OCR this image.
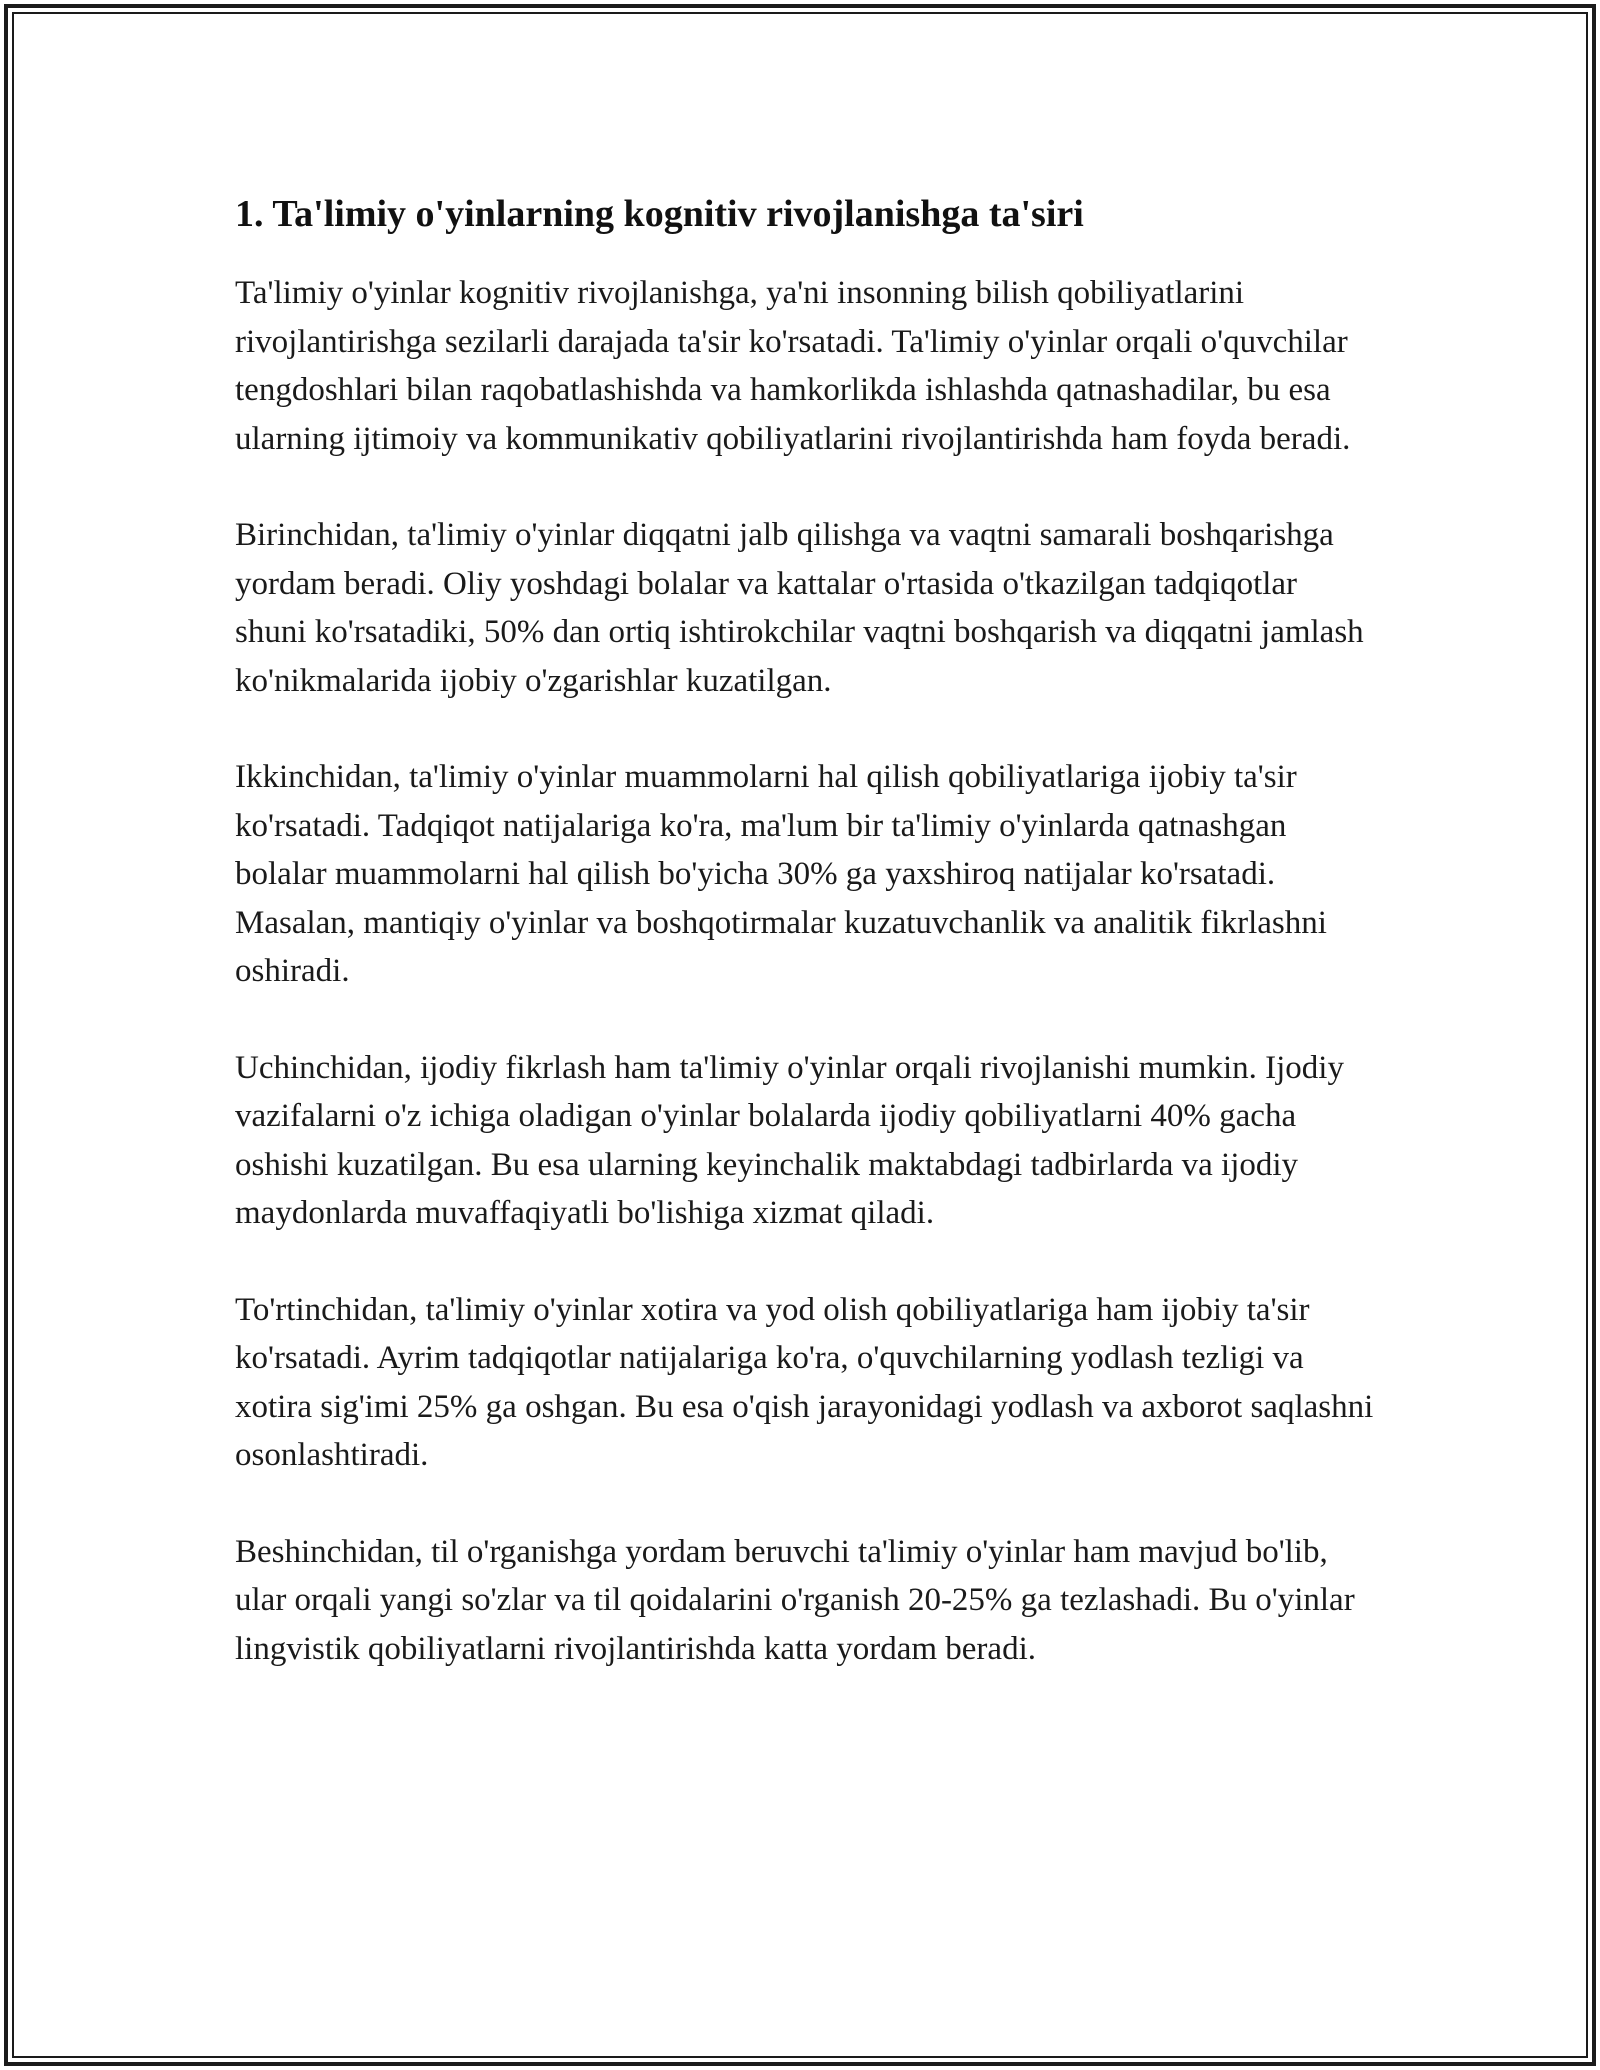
1. Ta'limiy o'yinlarning kognitiv rivojlanishga ta'siri

Ta'limiy o'yinlar kognitiv rivojlanishga, ya'ni insonning bilish qobiliyatlarini rivojlantirishga sezilarli darajada ta'sir ko'rsatadi. Ta'limiy o'yinlar orqali o'quvchilar tengdoshlari bilan raqobatlashishda va hamkorlikda ishlashda qatnashadilar, bu esa ularning ijtimoiy va kommunikativ qobiliyatlarini rivojlantirishda ham foyda beradi.

Birinchidan, ta'limiy o'yinlar diqqatni jalb qilishga va vaqtni samarali boshqarishga yordam beradi. Oliy yoshdagi bolalar va kattalar o'rtasida o'tkazilgan tadqiqotlar shuni ko'rsatadiki, 50% dan ortiq ishtirokchilar vaqtni boshqarish va diqqatni jamlash ko'nikmalarida ijobiy o'zgarishlar kuzatilgan.

Ikkinchidan, ta'limiy o'yinlar muammolarni hal qilish qobiliyatlariga ijobiy ta'sir ko'rsatadi. Tadqiqot natijalariga ko'ra, ma'lum bir ta'limiy o'yinlarda qatnashgan bolalar muammolarni hal qilish bo'yicha 30% ga yaxshiroq natijalar ko'rsatadi. Masalan, mantiqiy o'yinlar va boshqotirmalar kuzatuvchanlik va analitik fikrlashni oshiradi.

Uchinchidan, ijodiy fikrlash ham ta'limiy o'yinlar orqali rivojlanishi mumkin. Ijodiy vazifalarni o'z ichiga oladigan o'yinlar bolalarda ijodiy qobiliyatlarni 40% gacha oshishi kuzatilgan. Bu esa ularning keyinchalik maktabdagi tadbirlarda va ijodiy maydonlarda muvaffaqiyatli bo'lishiga xizmat qiladi.

To'rtinchidan, ta'limiy o'yinlar xotira va yod olish qobiliyatlariga ham ijobiy ta'sir ko'rsatadi. Ayrim tadqiqotlar natijalariga ko'ra, o'quvchilarning yodlash tezligi va xotira sig'imi 25% ga oshgan. Bu esa o'qish jarayonidagi yodlash va axborot saqlashni osonlashtiradi.

Beshinchidan, til o'rganishga yordam beruvchi ta'limiy o'yinlar ham mavjud bo'lib, ular orqali yangi so'zlar va til qoidalarini o'rganish 20-25% ga tezlashadi. Bu o'yinlar lingvistik qobiliyatlarni rivojlantirishda katta yordam beradi.
